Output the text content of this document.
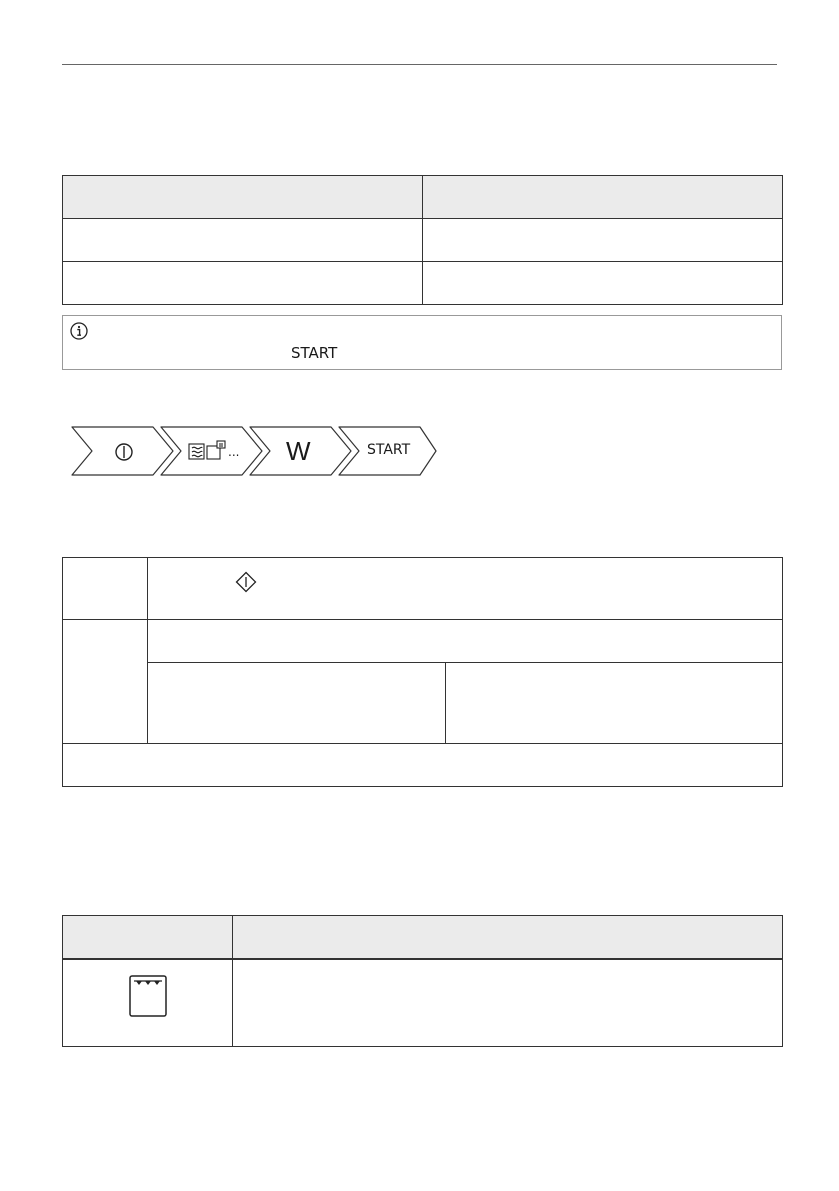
START
... W	START
